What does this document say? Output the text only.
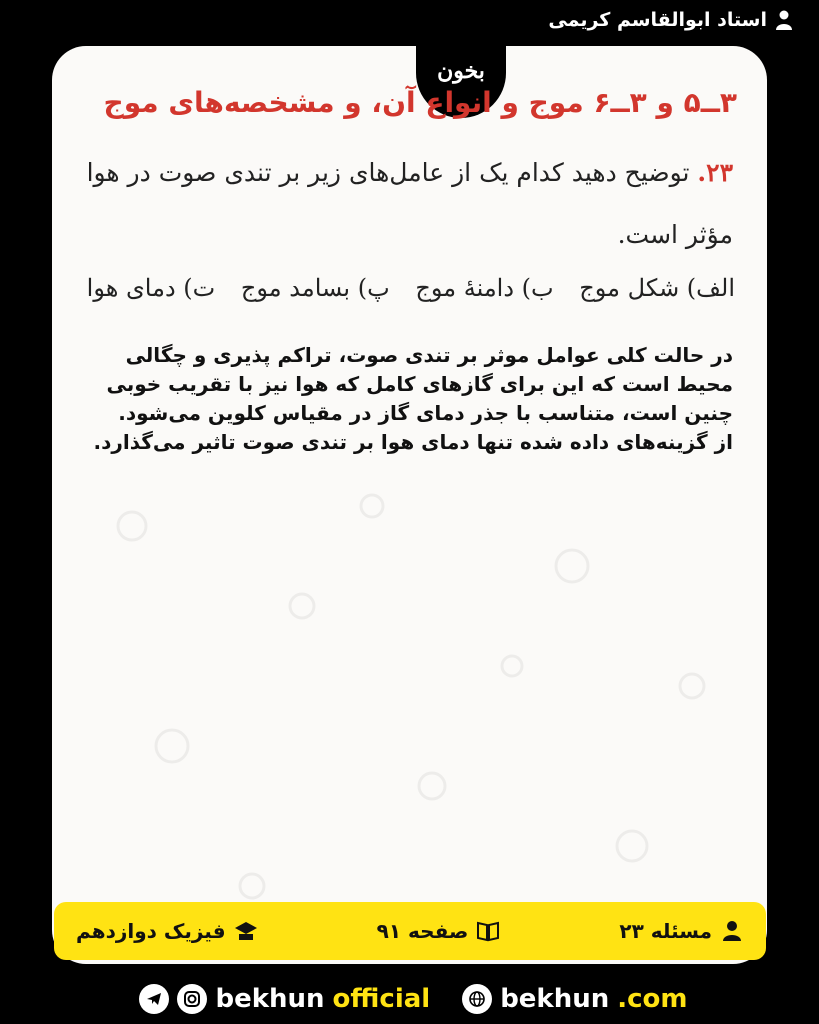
استاد ابوالقاسم کریمی
بخون
۳ــ۵ و ۳ــ۶ موج و انواع آن، و مشخصه‌های موج
۲۳. توضیح دهید کدام یک از عامل‌های زیر بر تندی صوت در هوا مؤثر است.
الف) شکل موج ب) دامنهٔ موج پ) بسامد موج ت) دمای هوا
در حالت کلی عوامل موثر بر تندی صوت، تراکم پذیری و چگالی
محیط است که این برای گازهای کامل که هوا نیز با تقریب خوبی
چنین است، متناسب با جذر دمای گاز در مقیاس کلوین می‌شود.
از گزینه‌های داده شده تنها دمای هوا بر تندی صوت تاثیر می‌گذارد.
مسئله ۲۳
صفحه ۹۱
فیزیک دوازدهم
bekhun official	bekhun .com
